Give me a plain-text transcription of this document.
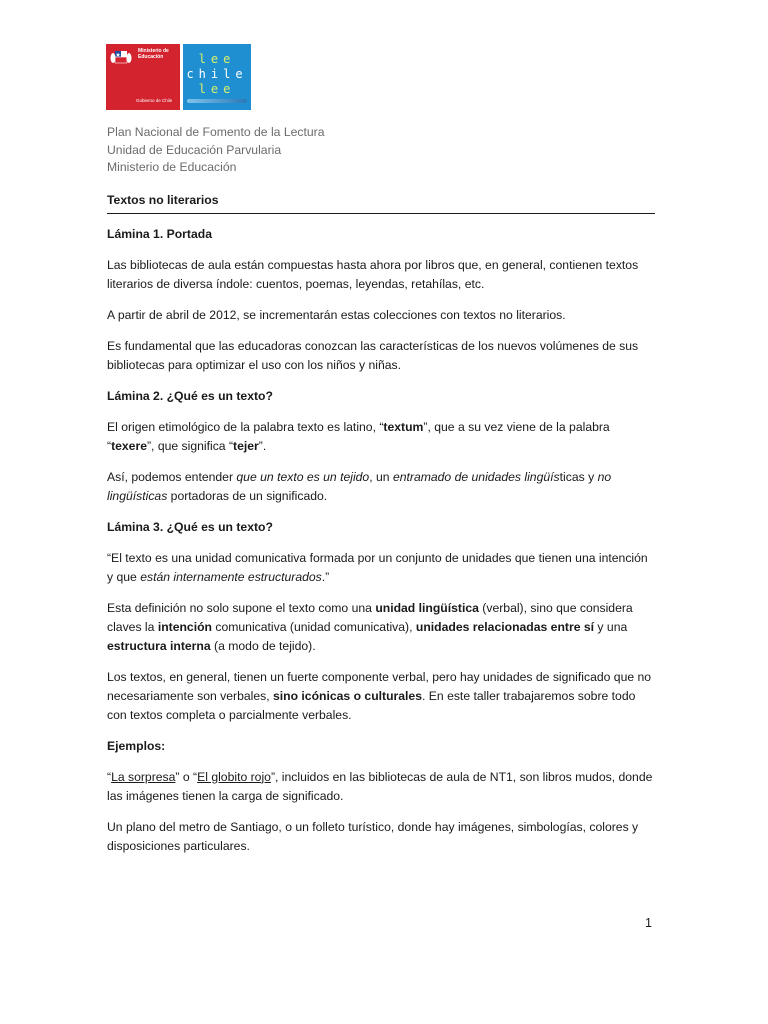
Ministerio de Educación
Gobierno de Chile
lee
chile
lee
Plan Nacional de Fomento de la Lectura
Unidad de Educación Parvularia
Ministerio de Educación
Textos no literarios

Lámina 1. Portada

Las bibliotecas de aula están compuestas hasta ahora por libros que, en general, contienen textos literarios de diversa índole: cuentos, poemas, leyendas, retahílas, etc.

A partir de abril de 2012, se incrementarán estas colecciones con textos no literarios.

Es fundamental que las educadoras conozcan las características de los nuevos volúmenes de sus bibliotecas para optimizar el uso con los niños y niñas.

Lámina 2. ¿Qué es un texto?

El origen etimológico de la palabra texto es latino, “textum”, que a su vez viene de la palabra “texere”, que significa “tejer”.

Así, podemos entender que un texto es un tejido, un entramado de unidades lingüísticas y no lingüísticas portadoras de un significado.

Lámina 3. ¿Qué es un texto?

“El texto es una unidad comunicativa formada por un conjunto de unidades que tienen una intención y que están internamente estructurados.”

Esta definición no solo supone el texto como una unidad lingüística (verbal), sino que considera claves la intención comunicativa (unidad comunicativa), unidades relacionadas entre sí y una estructura interna (a modo de tejido).

Los textos, en general, tienen un fuerte componente verbal, pero hay unidades de significado que no necesariamente son verbales, sino icónicas o culturales. En este taller trabajaremos sobre todo con textos completa o parcialmente verbales.

Ejemplos:

“La sorpresa” o “El globito rojo”, incluidos en las bibliotecas de aula de NT1, son libros mudos, donde las imágenes tienen la carga de significado.

Un plano del metro de Santiago, o un folleto turístico, donde hay imágenes, simbologías, colores y disposiciones particulares.

1
